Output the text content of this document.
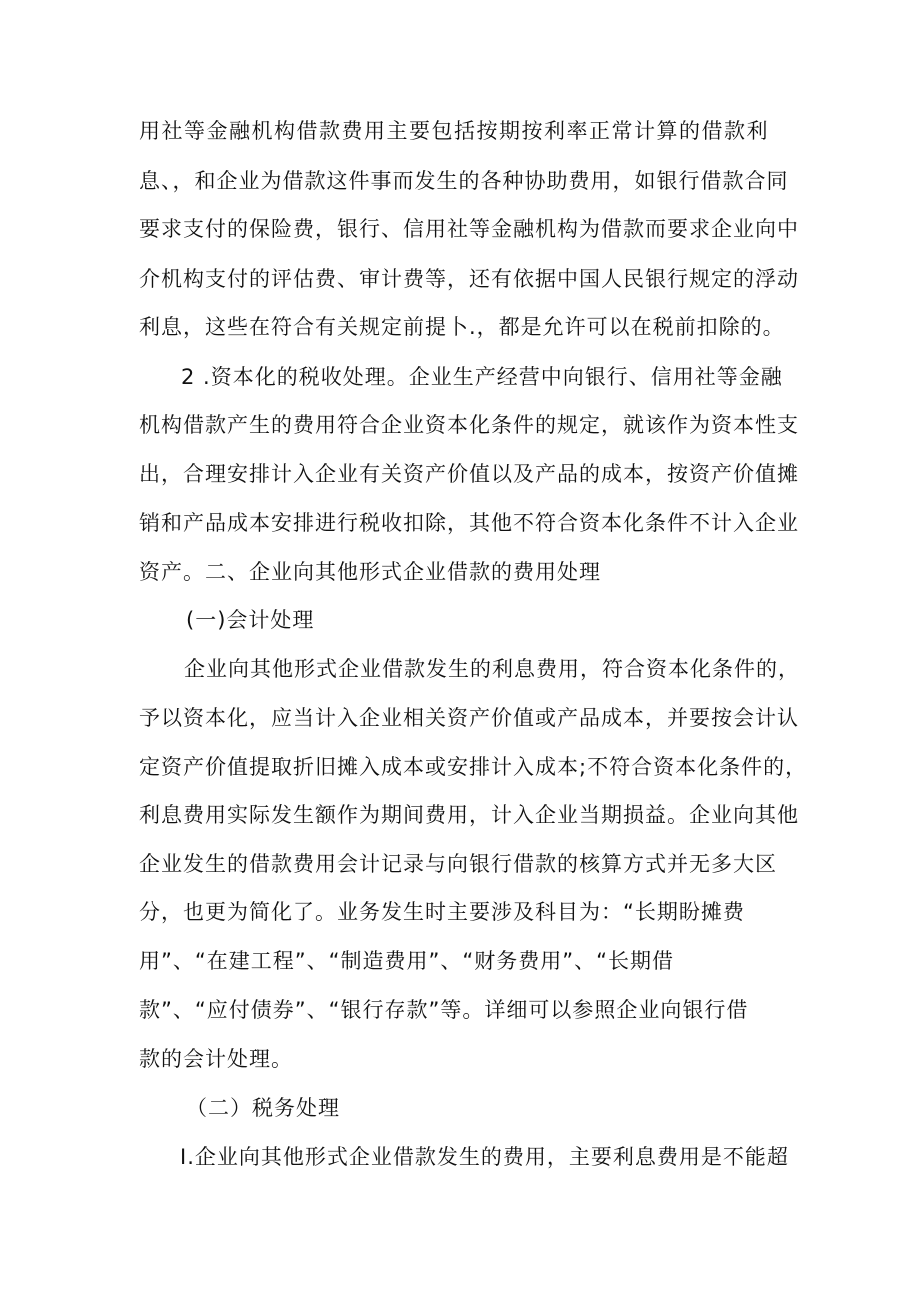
用社等金融机构借款费用主要包括按期按利率正常计算的借款利
息、，和企业为借款这件事而发生的各种协助费用，如银行借款合同
要求支付的保险费，银行、信用社等金融机构为借款而要求企业向中
介机构支付的评估费、审计费等，还有依据中国人民银行规定的浮动
利息，这些在符合有关规定前提卜.，都是允许可以在税前扣除的。
2 .资本化的税收处理。企业生产经营中向银行、信用社等金融
机构借款产生的费用符合企业资本化条件的规定，就该作为资本性支
出，合理安排计入企业有关资产价值以及产品的成本，按资产价值摊
销和产品成本安排进行税收扣除，其他不符合资本化条件不计入企业
资产。二、企业向其他形式企业借款的费用处理
(一)会计处理
企业向其他形式企业借款发生的利息费用，符合资本化条件的，
予以资本化，应当计入企业相关资产价值或产品成本，并要按会计认
定资产价值提取折旧摊入成本或安排计入成本;不符合资本化条件的，
利息费用实际发生额作为期间费用，计入企业当期损益。企业向其他
企业发生的借款费用会计记录与向银行借款的核算方式并无多大区
分，也更为简化了。业务发生时主要涉及科目为：“长期盼摊费
用”、“在建工程”、“制造费用”、“财务费用”、“长期借
款”、“应付债券”、“银行存款”等。详细可以参照企业向银行借
款的会计处理。
（二）税务处理
I.企业向其他形式企业借款发生的费用，主要利息费用是不能超
